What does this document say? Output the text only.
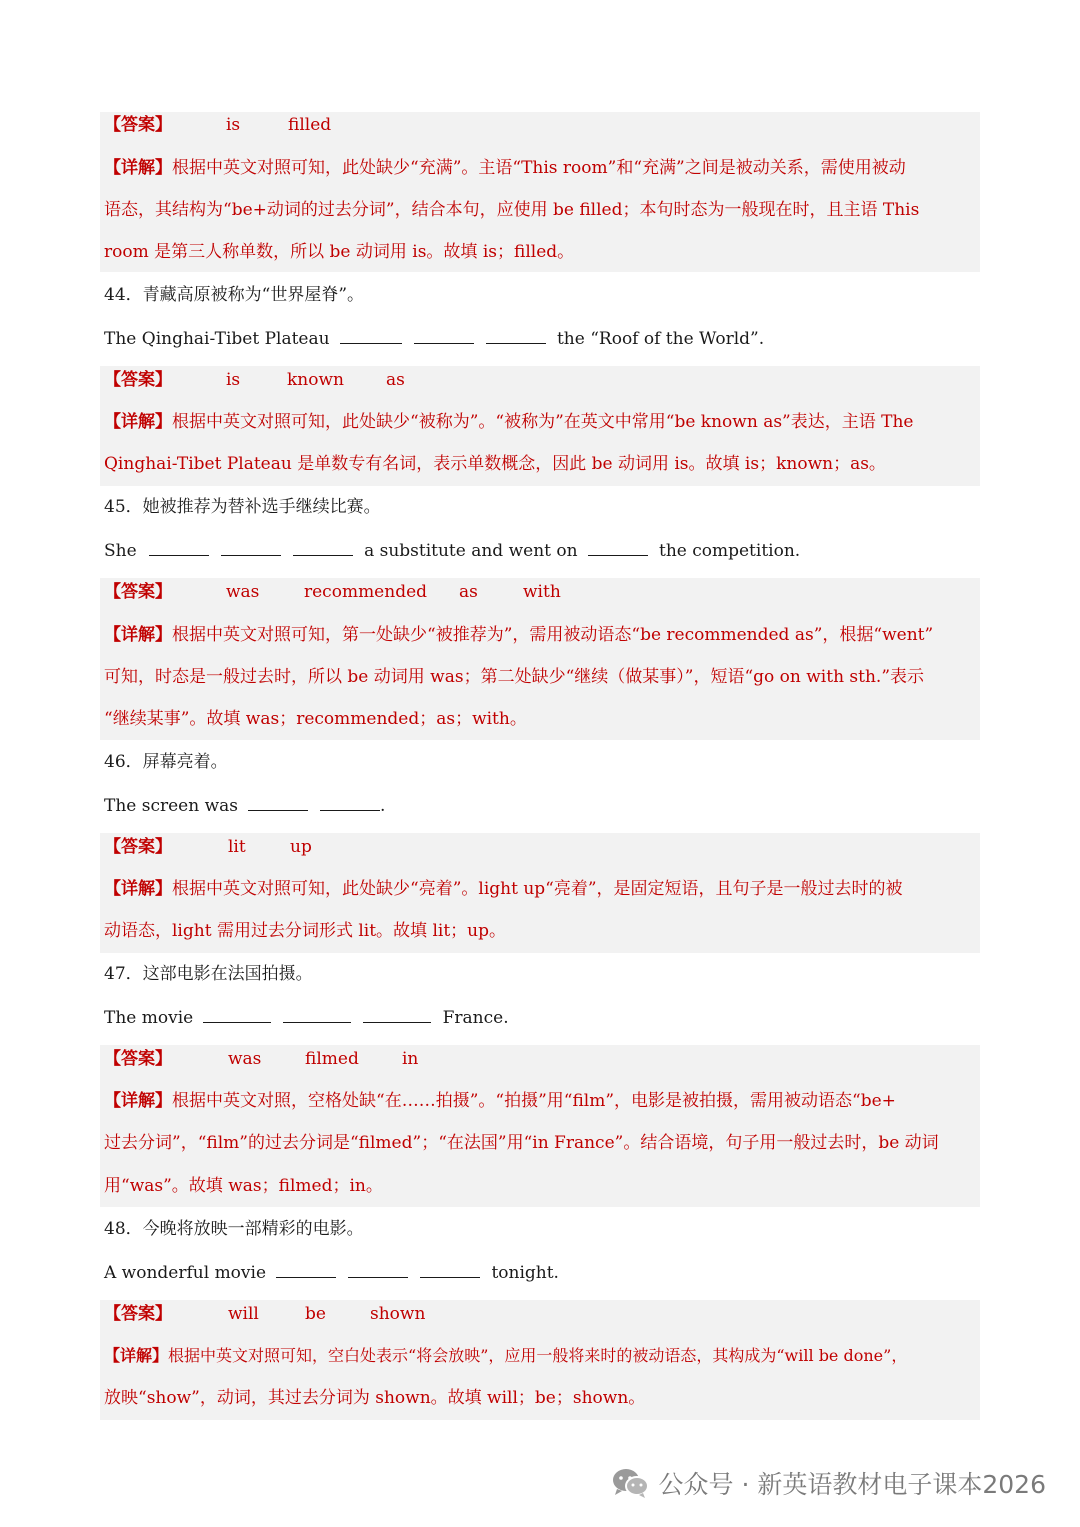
【答案】	is	filled
【详解】根据中英文对照可知，此处缺少“充满”。主语“This room”和“充满”之间是被动关系，需使用被动
语态，其结构为“be+动词的过去分词”，结合本句，应使用 be filled；本句时态为一般现在时，且主语 This
room 是第三人称单数，所以 be 动词用 is。故填 is；filled。
44．青藏高原被称为“世界屋脊”。
The Qinghai-Tibet Plateau	the “Roof of the World”.
【答案】	is	known as
【详解】根据中英文对照可知，此处缺少“被称为”。“被称为”在英文中常用“be known as”表达，主语 The
Qinghai-Tibet Plateau 是单数专有名词，表示单数概念，因此 be 动词用 is。故填 is；known；as。
45．她被推荐为替补选手继续比赛。
She	a substitute and went on	the competition.
【答案】	was	recommended as	with
【详解】根据中英文对照可知，第一处缺少“被推荐为”，需用被动语态“be recommended as”，根据“went”
可知，时态是一般过去时，所以 be 动词用 was；第二处缺少“继续（做某事）”，短语“go on with sth.”表示
“继续某事”。故填 was；recommended；as；with。
46．屏幕亮着。
The screen was	.
【答案】	lit	up
【详解】根据中英文对照可知，此处缺少“亮着”。light up“亮着”，是固定短语，且句子是一般过去时的被
动语态，light 需用过去分词形式 lit。故填 lit；up。
47．这部电影在法国拍摄。
The movie	France.
【答案】	was	filmed	in
【详解】根据中英文对照，空格处缺“在……拍摄”。“拍摄”用“film”，电影是被拍摄，需用被动语态“be+
过去分词”，“film”的过去分词是“filmed”；“在法国”用“in France”。结合语境，句子用一般过去时，be 动词
用“was”。故填 was；filmed；in。
48．今晚将放映一部精彩的电影。
A wonderful movie	tonight.
【答案】	will	be	shown
【详解】根据中英文对照可知，空白处表示“将会放映”，应用一般将来时的被动语态，其构成为“will be done”，
放映“show”，动词，其过去分词为 shown。故填 will；be；shown。
公众号 · 新英语教材电子课本2026
